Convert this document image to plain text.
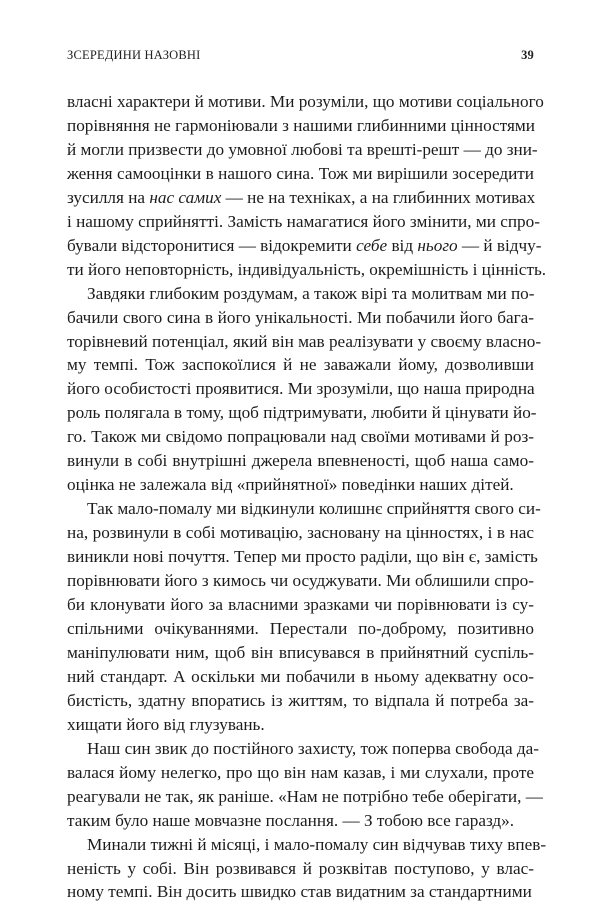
ЗСЕРЕДИНИ НАЗОВНІ	39

власні характери й мотиви. Ми розуміли, що мотиви соціального
порівняння не гармоніювали з нашими глибинними цінностями
й могли призвести до умовної любові та врешті-решт — до зни-
ження самооцінки в нашого сина. Тож ми вирішили зосередити
зусилля на нас самих — не на техніках, а на глибинних мотивах
і нашому сприйнятті. Замість намагатися його змінити, ми спро-
бували відсторонитися — відокремити себе від нього — й відчу-
ти його неповторність, індивідуальність, окремішність і цінність.

Завдяки глибоким роздумам, а також вірі та молитвам ми по-
бачили свого сина в його унікальності. Ми побачили його бага-
торівневий потенціал, який він мав реалізувати у своєму власно-
му темпі. Тож заспокоїлися й не заважали йому, дозволивши
його особистості проявитися. Ми зрозуміли, що наша природна
роль полягала в тому, щоб підтримувати, любити й цінувати йо-
го. Також ми свідомо попрацювали над своїми мотивами й роз-
винули в собі внутрішні джерела впевненості, щоб наша само-
оцінка не залежала від «прийнятної» поведінки наших дітей.

Так мало-помалу ми відкинули колишнє сприйняття свого си-
на, розвинули в собі мотивацію, засновану на цінностях, і в нас
виникли нові почуття. Тепер ми просто раділи, що він є, замість
порівнювати його з кимось чи осуджувати. Ми облишили спро-
би клонувати його за власними зразками чи порівнювати із су-
спільними очікуваннями. Перестали по-доброму, позитивно
маніпулювати ним, щоб він вписувався в прийнятний суспіль-
ний стандарт. А оскільки ми побачили в ньому адекватну осо-
бистість, здатну впоратись із життям, то відпала й потреба за-
хищати його від глузувань.

Наш син звик до постійного захисту, тож поперва свобода да-
валася йому нелегко, про що він нам казав, і ми слухали, проте
реагували не так, як раніше. «Нам не потрібно тебе оберігати, —
таким було наше мовчазне послання. — З тобою все гаразд».

Минали тижні й місяці, і мало-помалу син відчував тиху впев-
неність у собі. Він розвивався й розквітав поступово, у влас-
ному темпі. Він досить швидко став видатним за стандартними
